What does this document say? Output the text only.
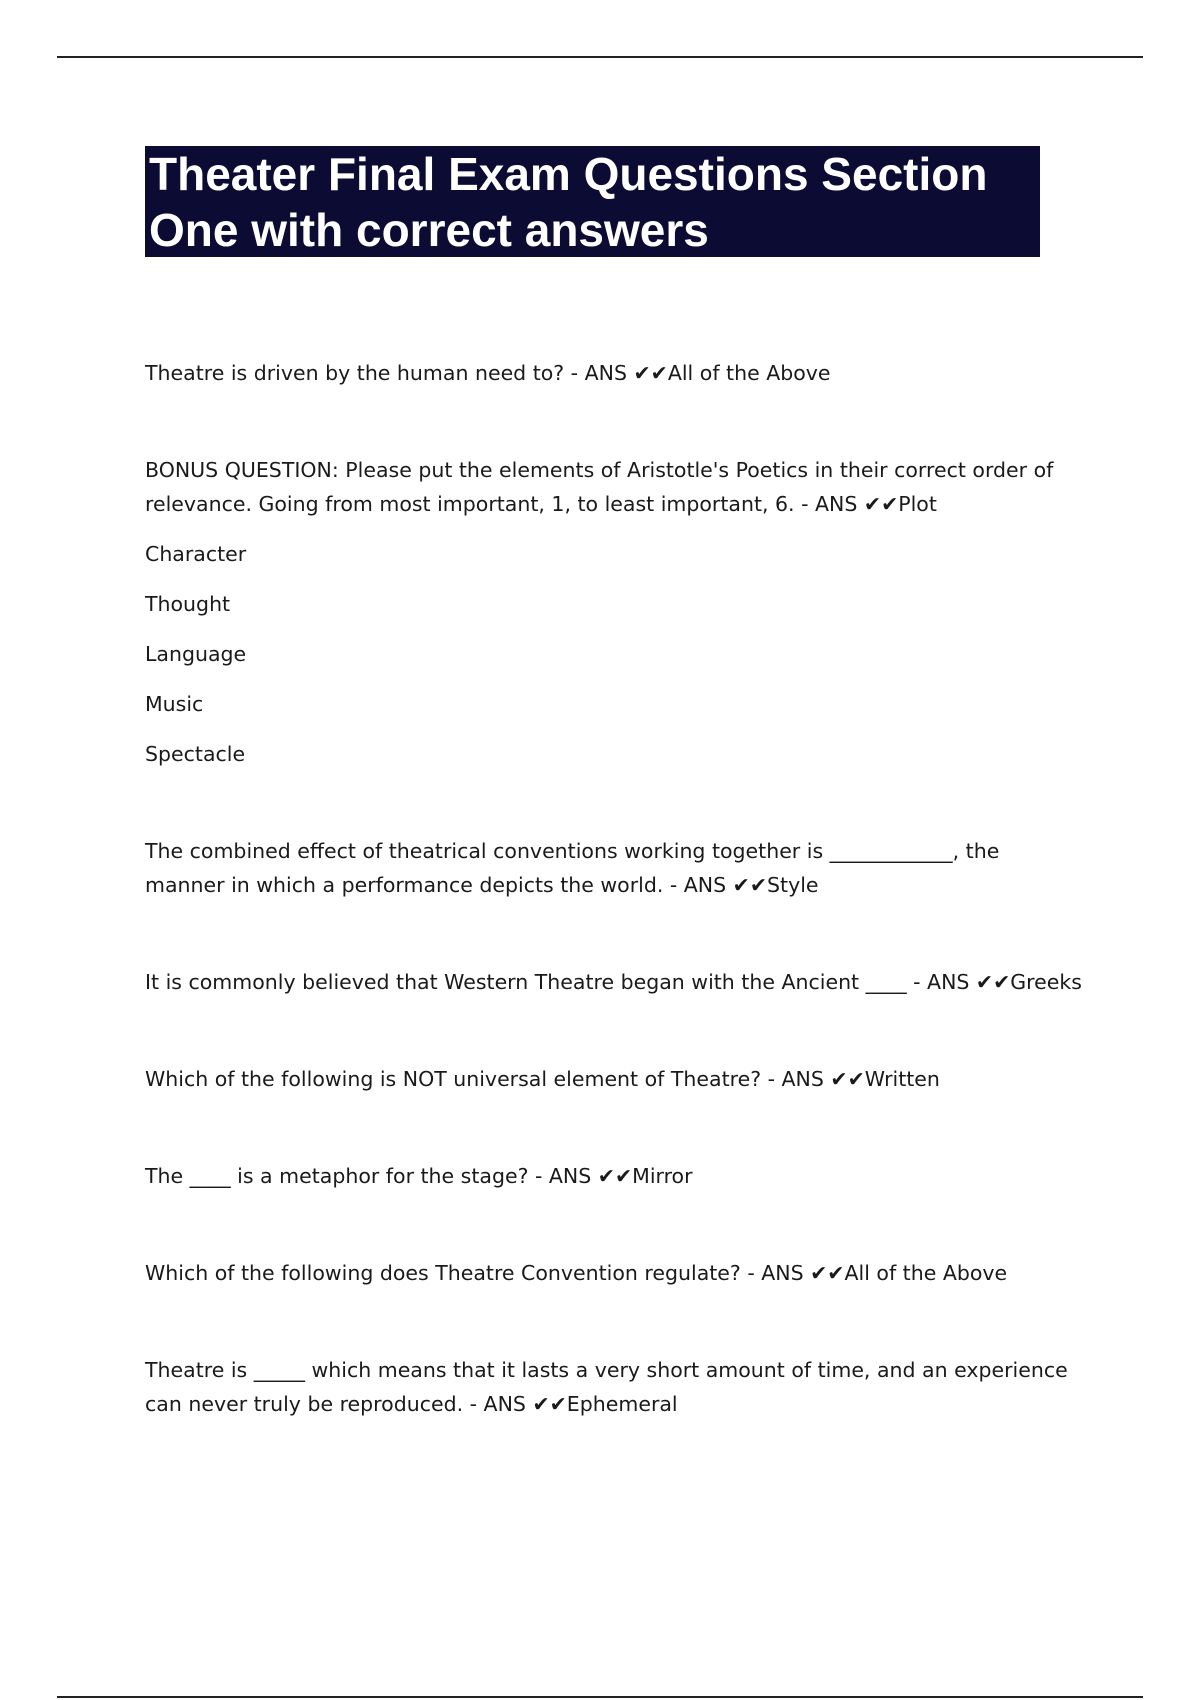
Theater Final Exam Questions Section One with correct answers

Theatre is driven by the human need to? - ANS ✔✔All of the Above

BONUS QUESTION: Please put the elements of Aristotle's Poetics in their correct order of relevance. Going from most important, 1, to least important, 6. - ANS ✔✔Plot

Character

Thought

Language

Music

Spectacle

The combined effect of theatrical conventions working together is ____________, the manner in which a performance depicts the world. - ANS ✔✔Style

It is commonly believed that Western Theatre began with the Ancient ____ - ANS ✔✔Greeks

Which of the following is NOT universal element of Theatre? - ANS ✔✔Written

The ____ is a metaphor for the stage? - ANS ✔✔Mirror

Which of the following does Theatre Convention regulate? - ANS ✔✔All of the Above

Theatre is _____ which means that it lasts a very short amount of time, and an experience can never truly be reproduced. - ANS ✔✔Ephemeral
